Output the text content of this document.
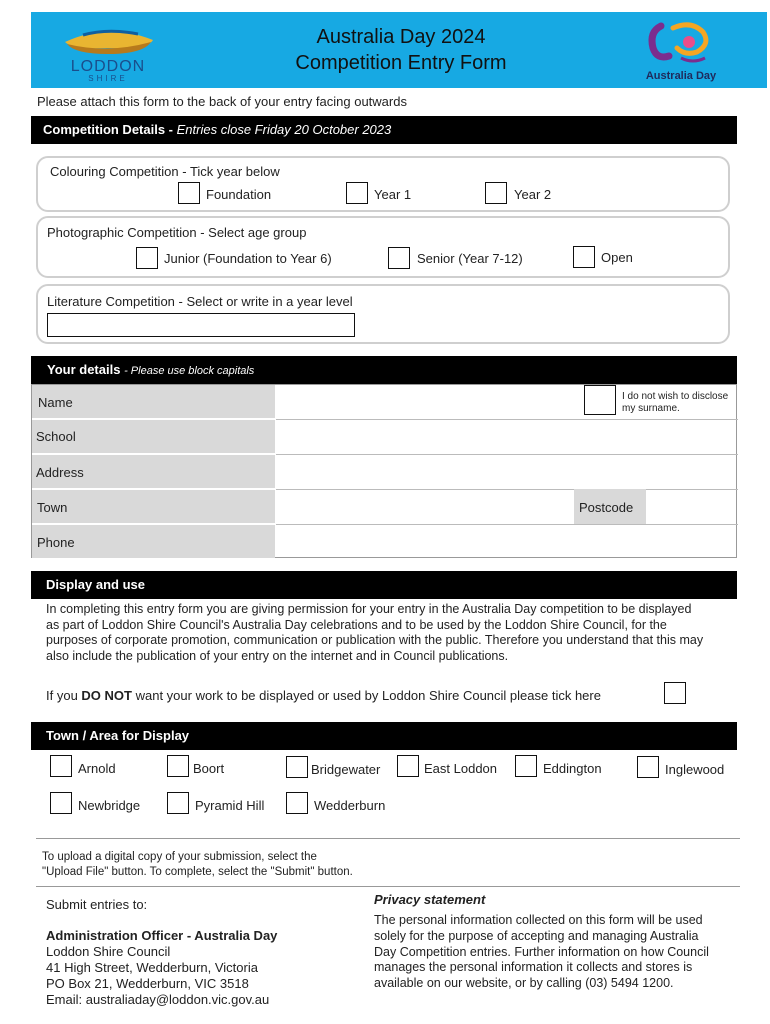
LODDON
SHIRE
Australia Day 2024
Competition Entry Form
Australia Day
Please attach this form to the back of your entry facing outwards
Competition Details - Entries close Friday 20 October 2023
Colouring Competition - Tick year below
Foundation	Year 1	Year 2
Photographic Competition - Select age group
Junior (Foundation to Year 6)	Senior (Year 7-12)	Open
Literature Competition - Select or write in a year level
Your details - Please use block capitals
Name	I do not wish to disclose my surname.
School
Address
Town	Postcode
Phone
Display and use
In completing this entry form you are giving permission for your entry in the Australia Day competition to be displayed as part of Loddon Shire Council's Australia Day celebrations and to be used by the Loddon Shire Council, for the purposes of corporate promotion, communication or publication with the public. Therefore you understand that this may also include the publication of your entry on the internet and in Council publications.
If you DO NOT want your work to be displayed or used by Loddon Shire Council please tick here
Town / Area for Display
Arnold	Boort	Bridgewater	East Loddon	Eddington	Inglewood
Newbridge	Pyramid Hill	Wedderburn
To upload a digital copy of your submission, select the
"Upload File" button. To complete, select the "Submit" button.
Submit entries to:
Administration Officer - Australia Day
Loddon Shire Council
41 High Street, Wedderburn, Victoria
PO Box 21, Wedderburn, VIC 3518
Email: australiaday@loddon.vic.gov.au
Privacy statement
The personal information collected on this form will be used solely for the purpose of accepting and managing Australia Day Competition entries. Further information on how Council manages the personal information it collects and stores is available on our website, or by calling (03) 5494 1200.
